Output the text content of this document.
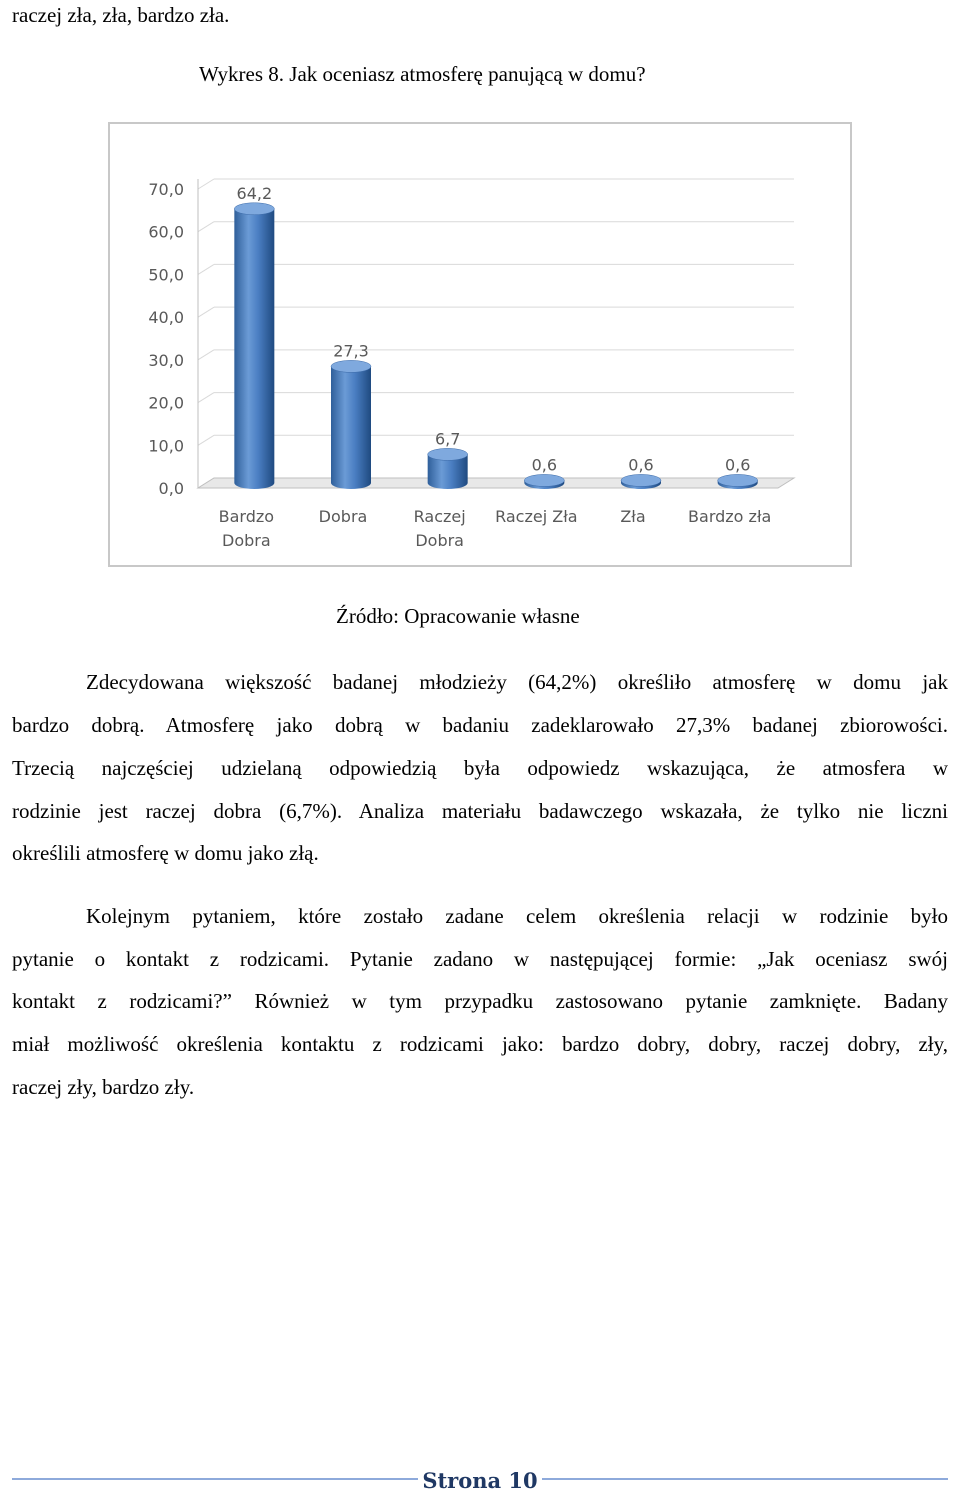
raczej zła, zła, bardzo zła.
Wykres 8. Jak oceniasz atmosferę panującą w domu?
0,0
10,0
20,0
30,0
40,0
50,0
60,0
70,0	64,2
Bardzo
Dobra
27,3
Dobra
6,7
Raczej
Dobra
0,6
Raczej Zła
0,6
Zła
0,6
Bardzo zła
Źródło: Opracowanie własne
Zdecydowana większość badanej młodzieży (64,2%) określiło atmosferę w domu jak
bardzo dobrą. Atmosferę jako dobrą w badaniu zadeklarowało 27,3% badanej zbiorowości.
Trzecią najczęściej udzielaną odpowiedzią była odpowiedz wskazująca, że atmosfera w
rodzinie jest raczej dobra (6,7%). Analiza materiału badawczego wskazała, że tylko nie liczni
określili atmosferę w domu jako złą.
Kolejnym pytaniem, które zostało zadane celem określenia relacji w rodzinie było
pytanie o kontakt z rodzicami. Pytanie zadano w następującej formie: „Jak oceniasz swój
kontakt z rodzicami?” Również w tym przypadku zastosowano pytanie zamknięte. Badany
miał możliwość określenia kontaktu z rodzicami jako: bardzo dobry, dobry, raczej dobry, zły,
raczej zły, bardzo zły.
Strona 10
